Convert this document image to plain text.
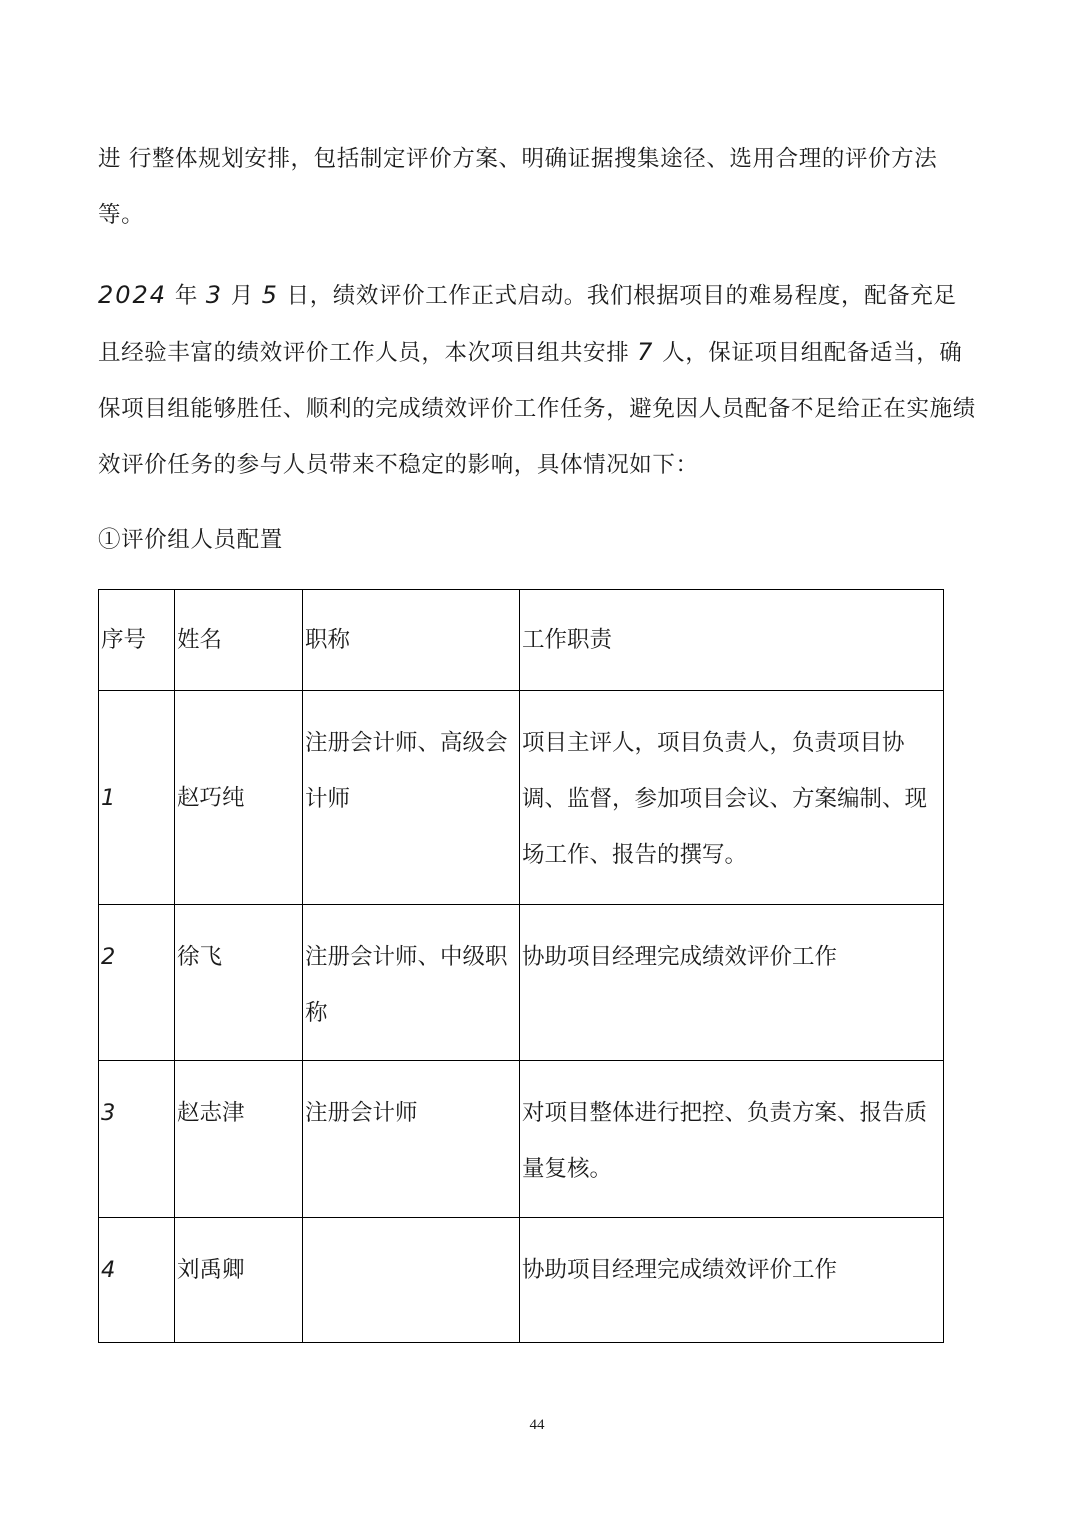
进 行整体规划安排，包括制定评价方案、明确证据搜集途径、选用合理的评价方法等。

2024 年 3 月 5 日，绩效评价工作正式启动。我们根据项目的难易程度，配备充足且经验丰富的绩效评价工作人员，本次项目组共安排 7 人，保证项目组配备适当，确保项目组能够胜任、顺利的完成绩效评价工作任务，避免因人员配备不足给正在实施绩效评价任务的参与人员带来不稳定的影响，具体情况如下：

①评价组人员配置

序号	姓名	职称	工作职责
1	赵巧纯	注册会计师、高级会计师	项目主评人，项目负责人，负责项目协调、监督，参加项目会议、方案编制、现场工作、报告的撰写。
2	徐飞	注册会计师、中级职称	协助项目经理完成绩效评价工作
3	赵志津	注册会计师	对项目整体进行把控、负责方案、报告质 量复核。
4	刘禹卿		协助项目经理完成绩效评价工作
44
